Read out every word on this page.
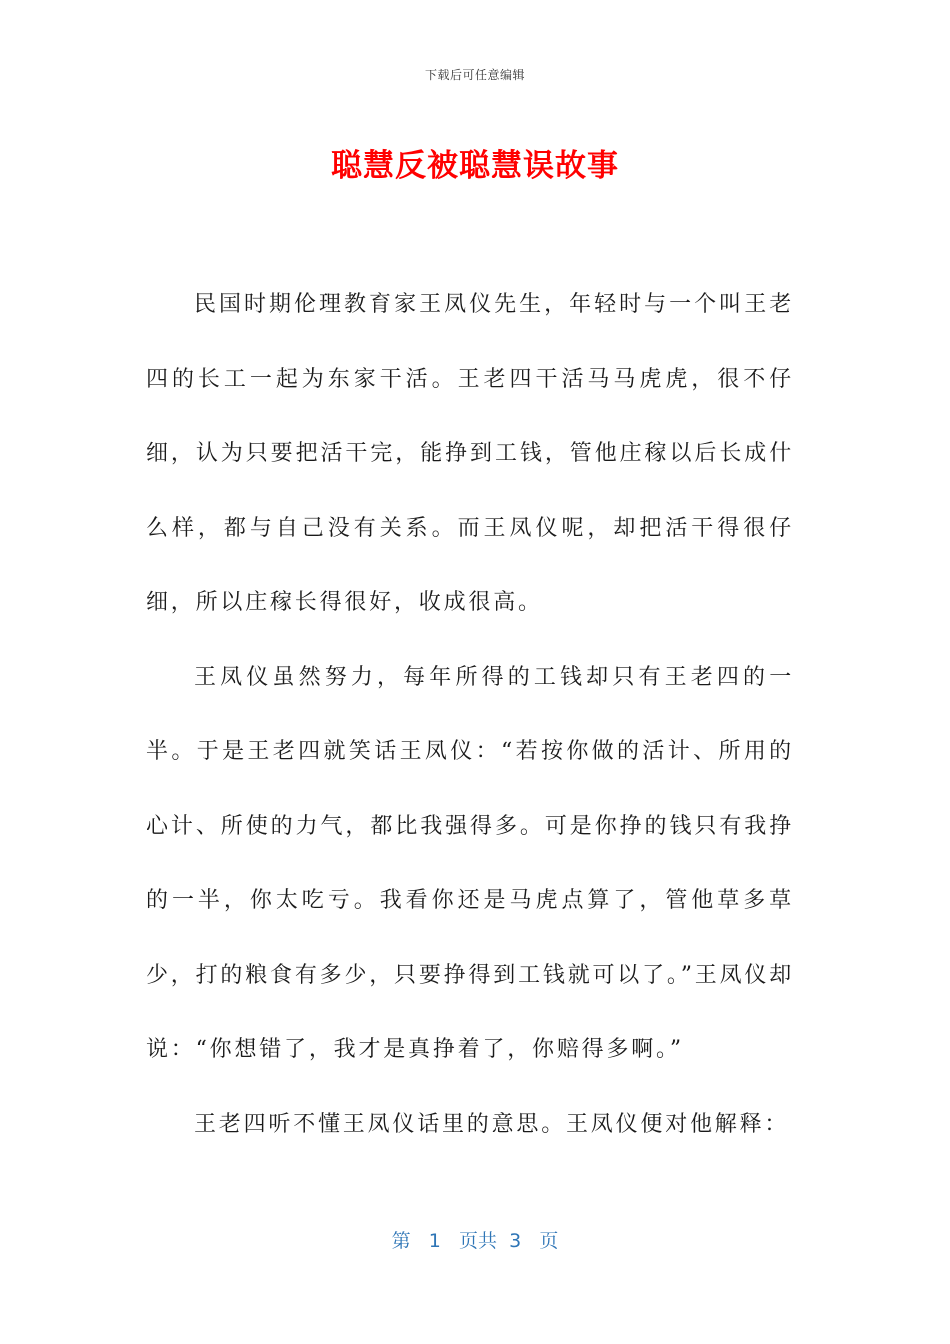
下载后可任意编辑
聪慧反被聪慧误故事

民国时期伦理教育家王凤仪先生，年轻时与一个叫王老四的长工一起为东家干活。王老四干活马马虎虎，很不仔细，认为只要把活干完，能挣到工钱，管他庄稼以后长成什么样，都与自己没有关系。而王凤仪呢，却把活干得很仔细，所以庄稼长得很好，收成很高。

王凤仪虽然努力，每年所得的工钱却只有王老四的一半。于是王老四就笑话王凤仪：“若按你做的活计、所用的心计、所使的力气，都比我强得多。可是你挣的钱只有我挣的一半，你太吃亏。我看你还是马虎点算了，管他草多草少，打的粮食有多少，只要挣得到工钱就可以了。”王凤仪却说：“你想错了，我才是真挣着了，你赔得多啊。”

王老四听不懂王凤仪话里的意思。王凤仪便对他解释：

第 1 页共 3 页
